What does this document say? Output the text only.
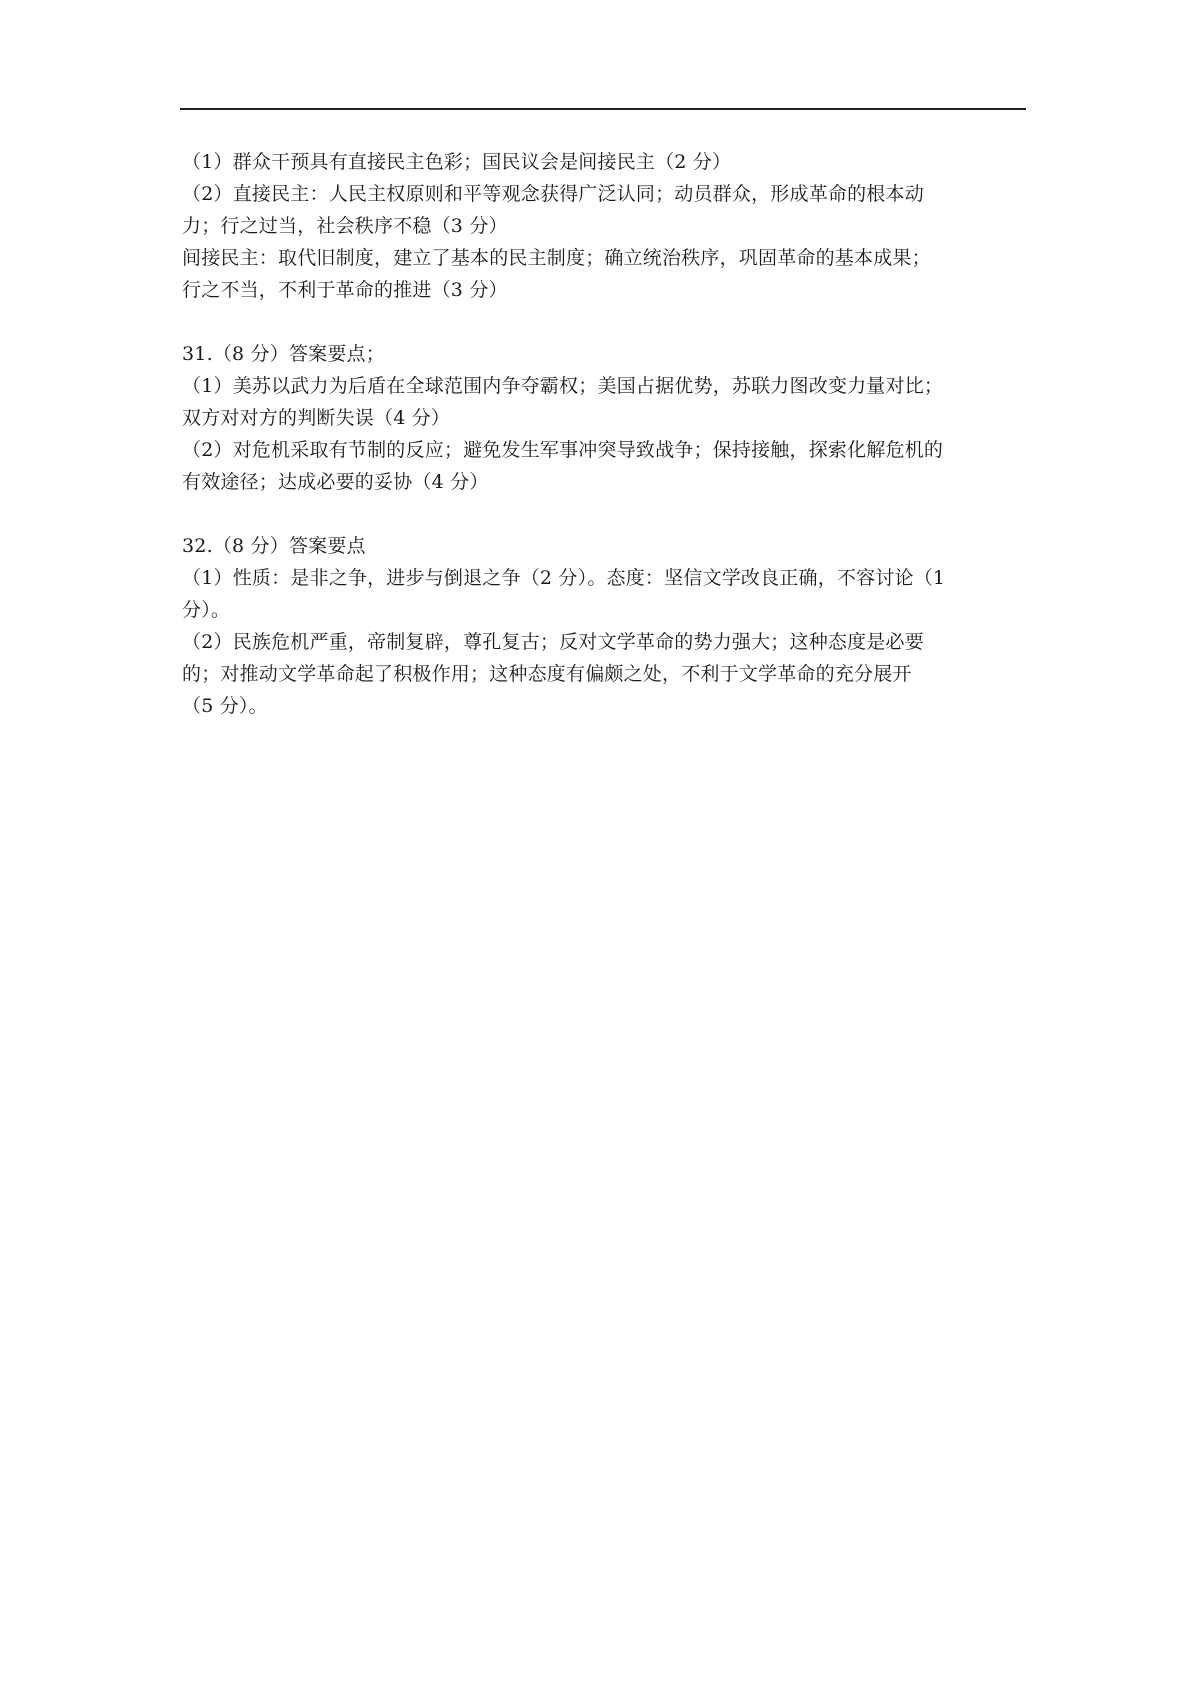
（1）群众干预具有直接民主色彩；国民议会是间接民主（2 分）

（2）直接民主：人民主权原则和平等观念获得广泛认同；动员群众，形成革命的根本动

力；行之过当，社会秩序不稳（3 分）

间接民主：取代旧制度，建立了基本的民主制度；确立统治秩序，巩固革命的基本成果；

行之不当，不利于革命的推进（3 分）

31.（8 分）答案要点；

（1）美苏以武力为后盾在全球范围内争夺霸权；美国占据优势，苏联力图改变力量对比；

双方对对方的判断失误（4 分）

（2）对危机采取有节制的反应；避免发生军事冲突导致战争；保持接触，探索化解危机的

有效途径；达成必要的妥协（4 分）

32.（8 分）答案要点

（1）性质：是非之争，进步与倒退之争（2 分）。态度：坚信文学改良正确，不容讨论（1

分）。

（2）民族危机严重，帝制复辟，尊孔复古；反对文学革命的势力强大；这种态度是必要

的；对推动文学革命起了积极作用；这种态度有偏颇之处，不利于文学革命的充分展开

（5 分）。
